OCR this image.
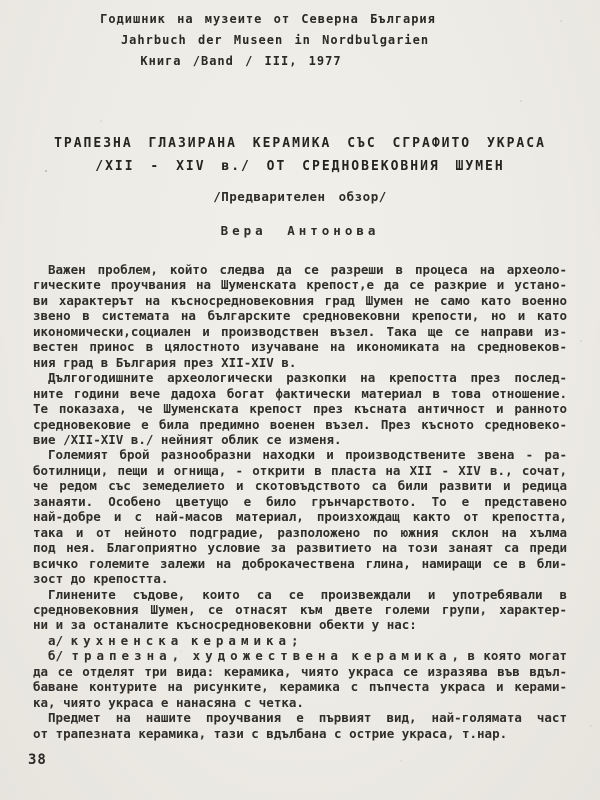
Годишник на музеите от Северна България
Jahrbuch der Museen in Nordbulgarien
Книга /Band / III, 1977
ТРАПЕЗНА ГЛАЗИРАНА КЕРАМИКА СЪС СГРАФИТО УКРАСА
/XII - XIV в./ ОТ СРЕДНОВЕКОВНИЯ ШУМЕН
/Предварителен обзор/
Вера Антонова
Важен проблем, който следва да се разреши в процеса на археоло-
гическите проучвания на Шуменската крепост,е да се разкрие и устано-
ви характерът на късносредновековния град Шумен не само като военно
звено в системата на българските средновековни крепости, но и като
икономически,социален и производствен възел. Така ще се направи из-
вестен принос в цялостното изучаване на икономиката на средновеков-
ния град в България през XII-XIV в.
Дългогодишните археологически разкопки на крепостта през послед-
ните години вече дадоха богат фактически материал в това отношение.
Те показаха, че Шуменската крепост през късната античност и ранното
средновековие е била предимно военен възел. През късното средновеко-
вие /XII-XIV в./ нейният облик се изменя.
Големият брой разнообразни находки и производствените звена - ра-
ботилници, пещи и огнища, - открити в пласта на XII - XIV в., сочат,
че редом със земеделието и скотовъдството са били развити и редица
занаяти. Особено цветущо е било грънчарството. То е представено
най-добре и с най-масов материал, произхождащ както от крепостта,
така и от нейното подградие, разположено по южния склон на хълма
под нея. Благоприятно условие за развитието на този занаят са преди
всичко големите залежи на доброкачествена глина, намиращи се в бли-
зост до крепостта.
Глинените съдове, които са се произвеждали и употребявали в
средновековния Шумен, се отнасят към двете големи групи, характер-
ни и за останалите късносредновековни обекти у нас:
а/ кухненска керамика;
б/ трапезна, художествена керамика, в която могат
да се отделят три вида: керамика, чиято украса се изразява във вдъл-
баване контурите на рисунките, керамика с пъпчеста украса и керами-
ка, чиято украса е нанасяна с четка.
Предмет на нашите проучвания е първият вид, най-голямата част
от трапезната керамика, тази с вдълбана с острие украса, т.нар.
38
